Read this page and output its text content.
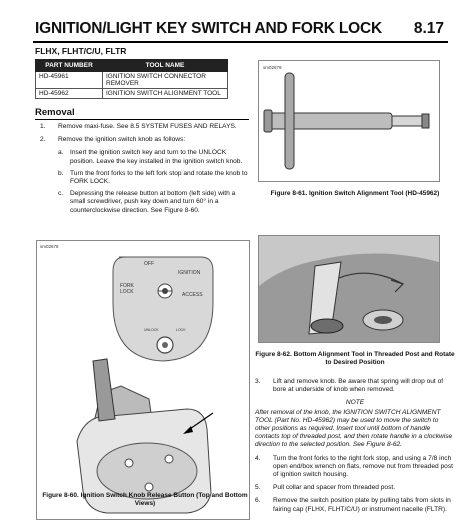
IGNITION/LIGHT KEY SWITCH AND FORK LOCK 8.17
FLHX, FLHT/C/U, FLTR
PART NUMBER	TOOL NAME
HD-45961	IGNITION SWITCH CONNECTOR REMOVER
HD-45962	IGNITION SWITCH ALIGNMENT TOOL
Removal
1. Remove maxi-fuse. See 8.5 SYSTEM FUSES AND RELAYS.
2. Remove the ignition switch knob as follows:
a. Insert the ignition switch key and turn to the UNLOCK position. Leave the key installed in the ignition switch knob.
b. Turn the front forks to the left fork stop and rotate the knob to FORK LOCK.
c. Depressing the release button at bottom (left side) with a small screwdriver, push key down and turn 60° in a counterclockwise direction. See Figure 8-60.
sm02678
OFF
FORK LOCK
IGNITION
ACCESS
UNLOCK	LOCK
Figure 8-60. Ignition Switch Knob Release Button (Top and Bottom Views)
sm02679
Figure 8-61. Ignition Switch Alignment Tool (HD-45962)
Figure 8-62. Bottom Alignment Tool in Threaded Post and Rotate to Desired Position
3. Lift and remove knob. Be aware that spring will drop out of bore at underside of knob when removed.
NOTE
After removal of the knob, the IGNITION SWITCH ALIGNMENT TOOL (Part No. HD-45962) may be used to move the switch to other positions as required. Insert tool until bottom of handle contacts top of threaded post, and then rotate handle in a clockwise direction to the selected position. See Figure 8-62.
4. Turn the front forks to the right fork stop, and using a 7/8 inch open end/box wrench on flats, remove nut from threaded post of ignition switch housing.
5. Pull collar and spacer from threaded post.
6. Remove the switch position plate by pulling tabs from slots in fairing cap (FLHX, FLHT/C/U) or instrument nacelle (FLTR).
